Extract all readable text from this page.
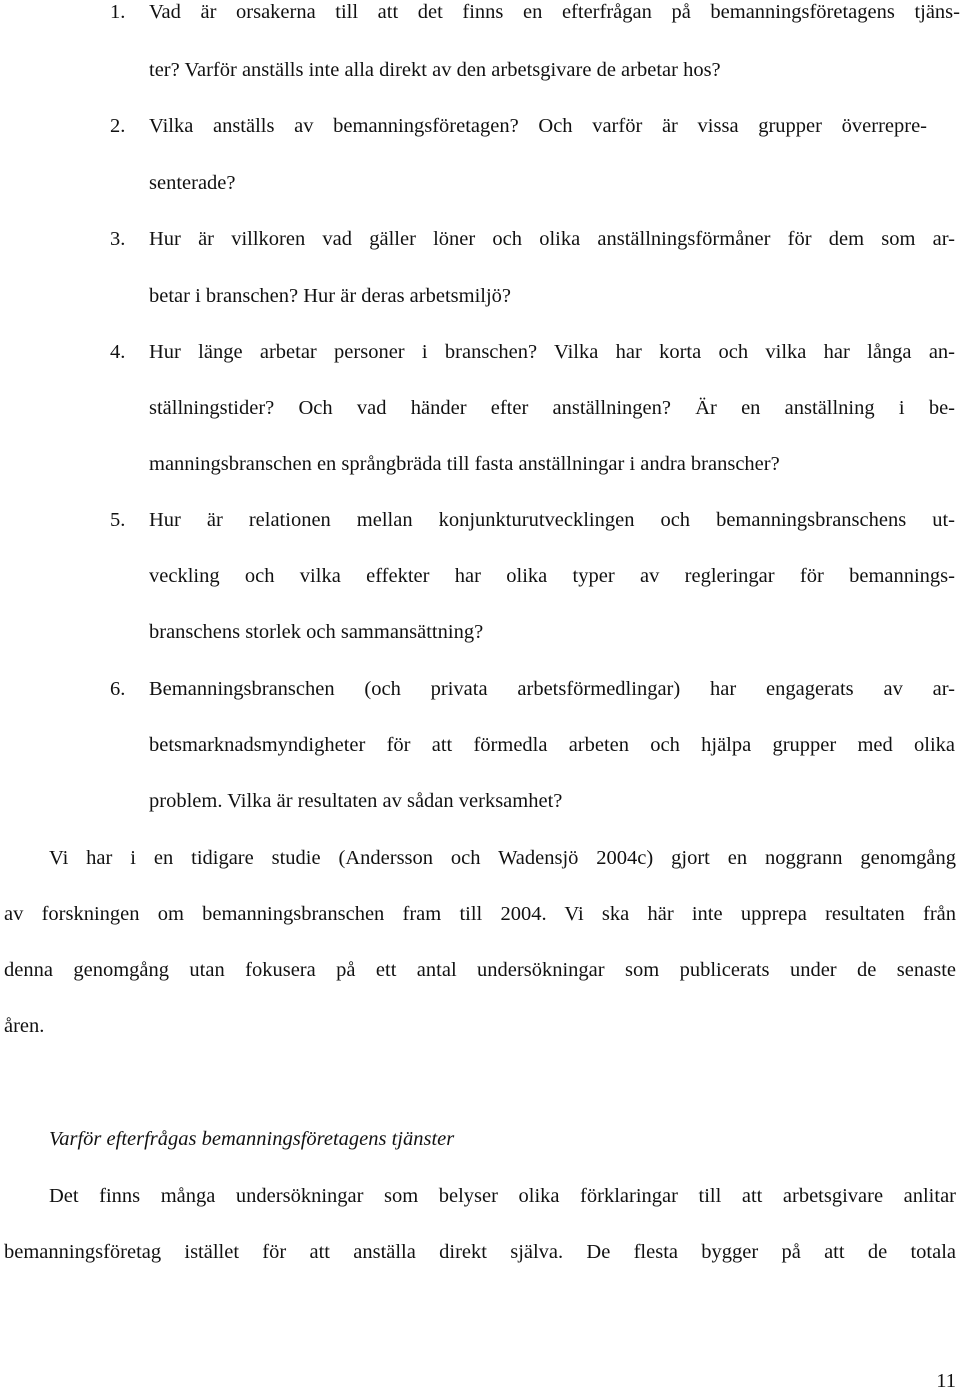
1.	Vad är orsakerna till att det finns en efterfrågan på bemanningsföretagens tjäns-
ter? Varför anställs inte alla direkt av den arbetsgivare de arbetar hos?
2.	Vilka anställs av bemanningsföretagen? Och varför är vissa grupper överrepre-
senterade?
3.	Hur är villkoren vad gäller löner och olika anställningsförmåner för dem som ar-
betar i branschen? Hur är deras arbetsmiljö?
4.	Hur länge arbetar personer i branschen? Vilka har korta och vilka har långa an-
ställningstider? Och vad händer efter anställningen? Är en anställning i be-
manningsbranschen en språngbräda till fasta anställningar i andra branscher?
5.	Hur är relationen mellan konjunkturutvecklingen och bemanningsbranschens ut-
veckling och vilka effekter har olika typer av regleringar för bemannings-
branschens storlek och sammansättning?
6.	Bemanningsbranschen (och privata arbetsförmedlingar) har engagerats av ar-
betsmarknadsmyndigheter för att förmedla arbeten och hjälpa grupper med olika
problem. Vilka är resultaten av sådan verksamhet?
Vi har i en tidigare studie (Andersson och Wadensjö 2004c) gjort en noggrann genomgång
av forskningen om bemanningsbranschen fram till 2004. Vi ska här inte upprepa resultaten från
denna genomgång utan fokusera på ett antal undersökningar som publicerats under de senaste
åren.
Varför efterfrågas bemanningsföretagens tjänster
Det finns många undersökningar som belyser olika förklaringar till att arbetsgivare anlitar
bemanningsföretag istället för att anställa direkt själva. De flesta bygger på att de totala
11
